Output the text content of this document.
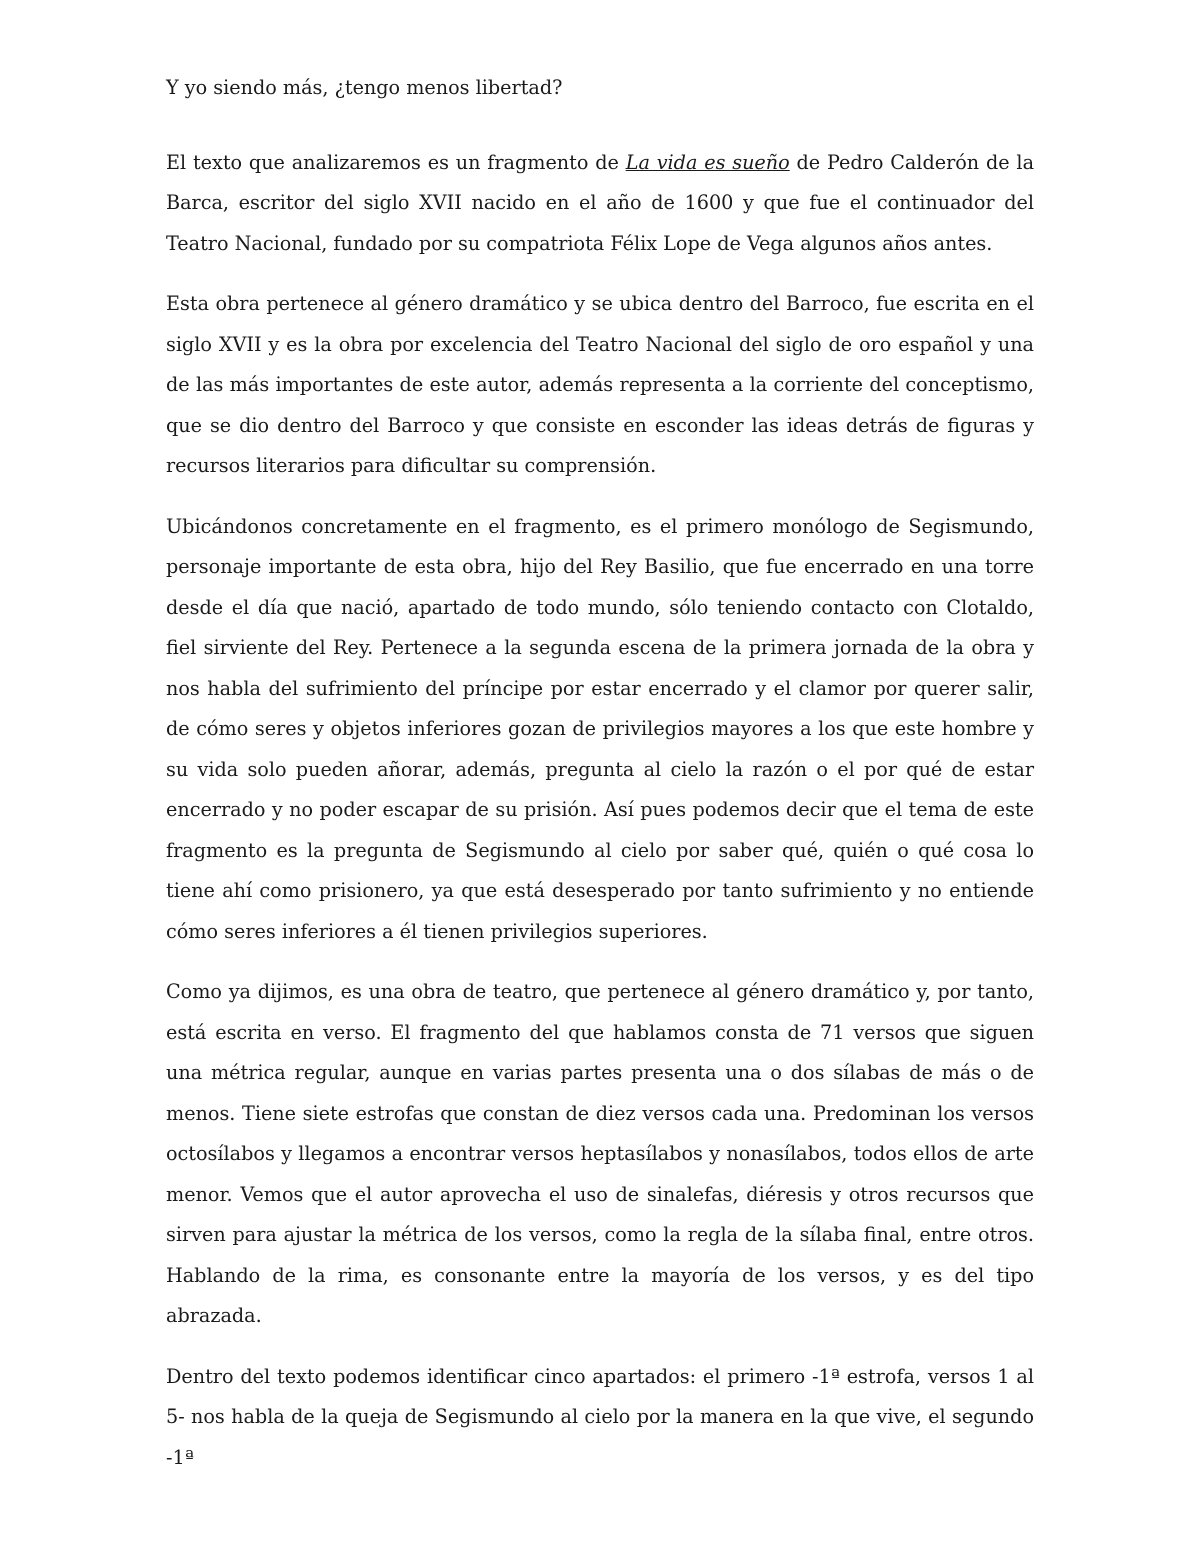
Y yo siendo más, ¿tengo menos libertad?

El texto que analizaremos es un fragmento de La vida es sueño de Pedro Calderón de la Barca, escritor del siglo XVII nacido en el año de 1600 y que fue el continuador del Teatro Nacional, fundado por su compatriota Félix Lope de Vega algunos años antes.

Esta obra pertenece al género dramático y se ubica dentro del Barroco, fue escrita en el siglo XVII y es la obra por excelencia del Teatro Nacional del siglo de oro español y una de las más importantes de este autor, además representa a la corriente del conceptismo, que se dio dentro del Barroco y que consiste en esconder las ideas detrás de figuras y recursos literarios para dificultar su comprensión.

Ubicándonos concretamente en el fragmento, es el primero monólogo de Segismundo, personaje importante de esta obra, hijo del Rey Basilio, que fue encerrado en una torre desde el día que nació, apartado de todo mundo, sólo teniendo contacto con Clotaldo, fiel sirviente del Rey. Pertenece a la segunda escena de la primera jornada de la obra y nos habla del sufrimiento del príncipe por estar encerrado y el clamor por querer salir, de cómo seres y objetos inferiores gozan de privilegios mayores a los que este hombre y su vida solo pueden añorar, además, pregunta al cielo la razón o el por qué de estar encerrado y no poder escapar de su prisión. Así pues podemos decir que el tema de este fragmento es la pregunta de Segismundo al cielo por saber qué, quién o qué cosa lo tiene ahí como prisionero, ya que está desesperado por tanto sufrimiento y no entiende cómo seres inferiores a él tienen privilegios superiores.

Como ya dijimos, es una obra de teatro, que pertenece al género dramático y, por tanto, está escrita en verso. El fragmento del que hablamos consta de 71 versos que siguen una métrica regular, aunque en varias partes presenta una o dos sílabas de más o de menos. Tiene siete estrofas que constan de diez versos cada una. Predominan los versos octosílabos y llegamos a encontrar versos heptasílabos y nonasílabos, todos ellos de arte menor. Vemos que el autor aprovecha el uso de sinalefas, diéresis y otros recursos que sirven para ajustar la métrica de los versos, como la regla de la sílaba final, entre otros. Hablando de la rima, es consonante entre la mayoría de los versos, y es del tipo abrazada.

Dentro del texto podemos identificar cinco apartados: el primero -1ª estrofa, versos 1 al 5- nos habla de la queja de Segismundo al cielo por la manera en la que vive, el segundo -1ª
